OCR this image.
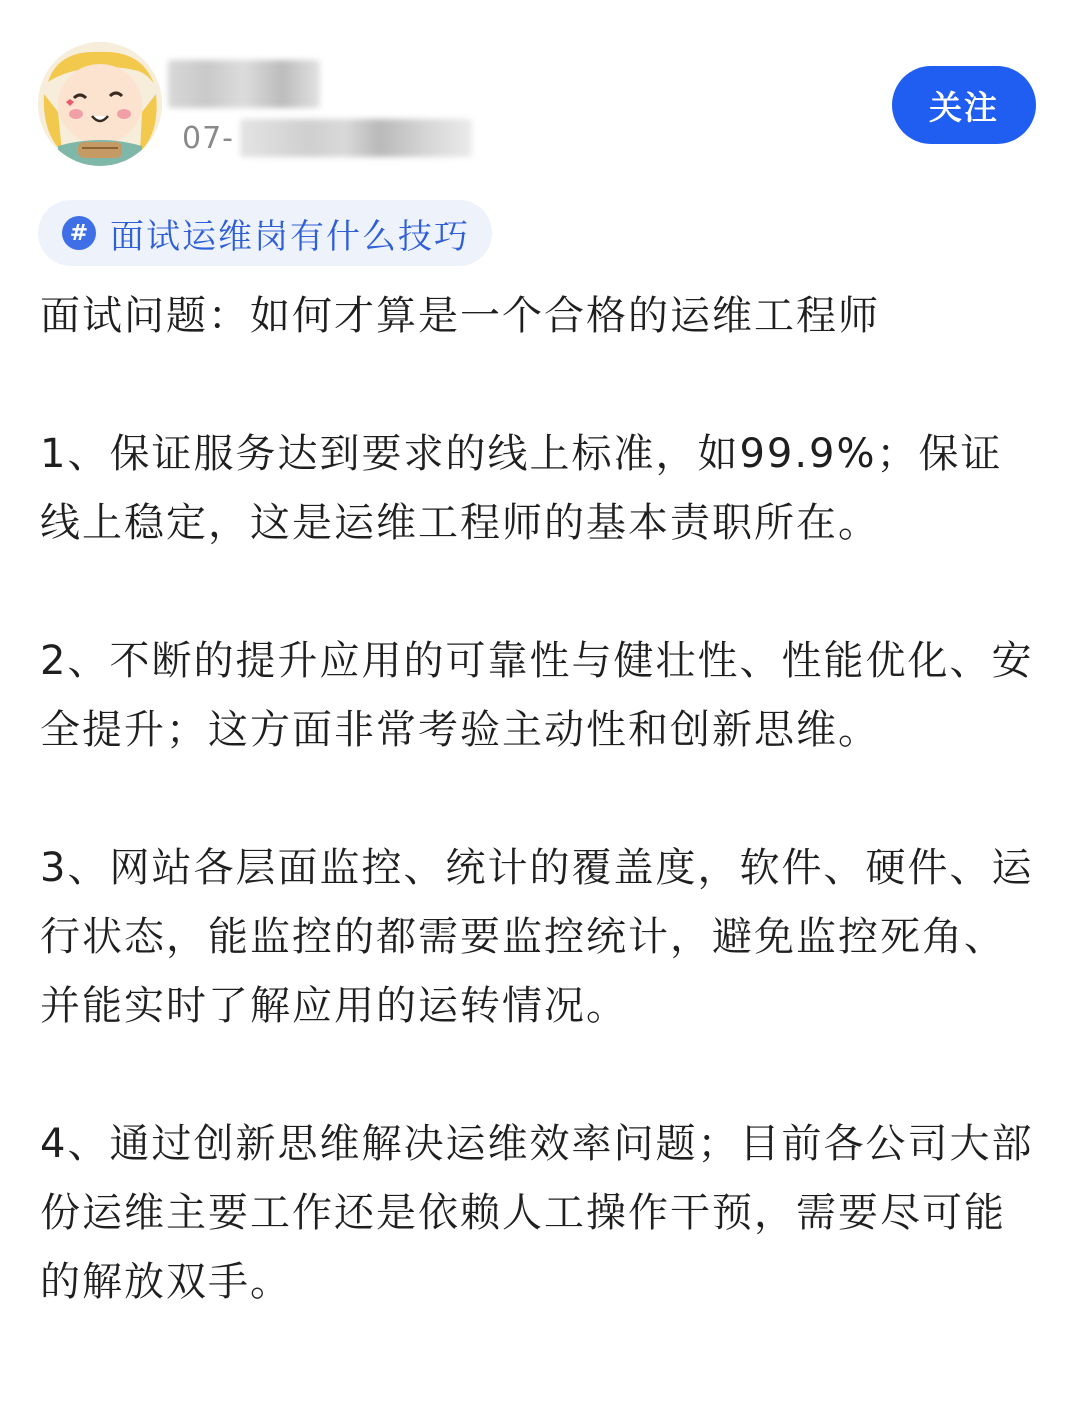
07-
关注
# 面试运维岗有什么技巧

面试问题：如何才算是一个合格的运维工程师

1、保证服务达到要求的线上标准，如99.9%；保证线上稳定，这是运维工程师的基本责职所在。

2、不断的提升应用的可靠性与健壮性、性能优化、安全提升；这方面非常考验主动性和创新思维。

3、网站各层面监控、统计的覆盖度，软件、硬件、运行状态，能监控的都需要监控统计，避免监控死角、并能实时了解应用的运转情况。

4、通过创新思维解决运维效率问题；目前各公司大部份运维主要工作还是依赖人工操作干预，需要尽可能的解放双手。
